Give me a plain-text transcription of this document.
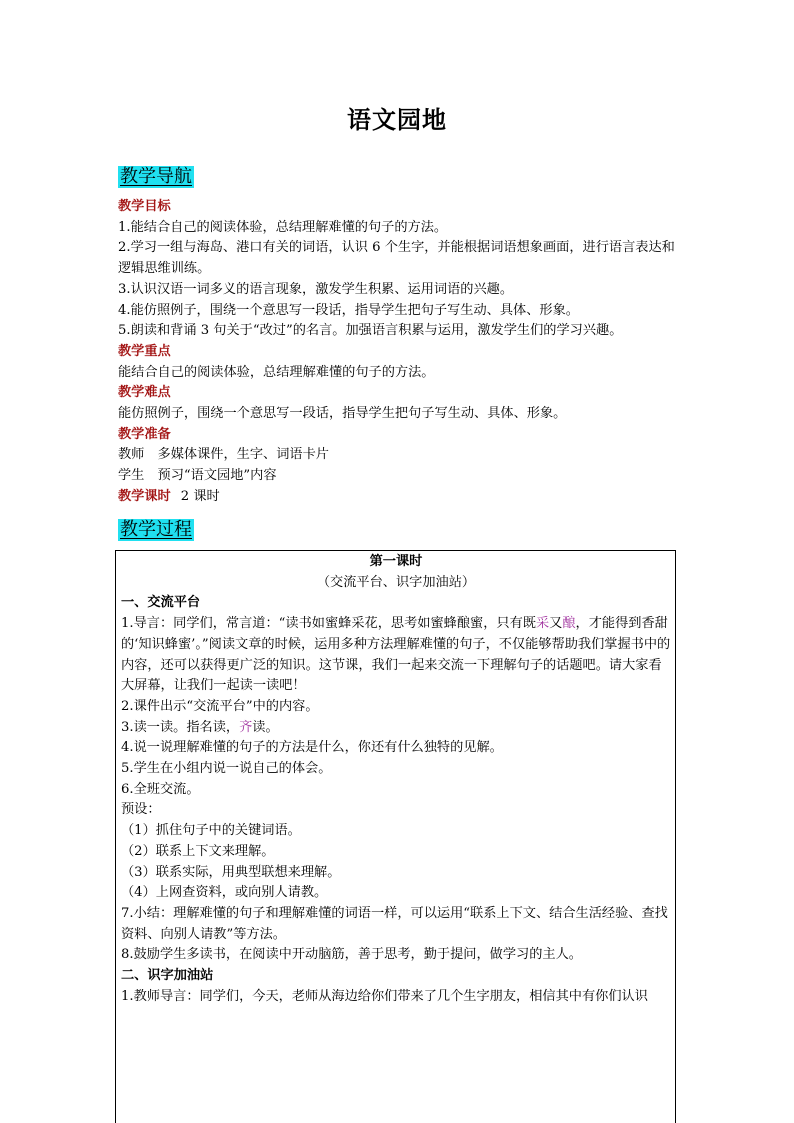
语文园地
教学导航

教学目标

1.能结合自己的阅读体验，总结理解难懂的句子的方法。

2.学习一组与海岛、港口有关的词语，认识 6 个生字，并能根据词语想象画面，进行语言表达和逻辑思维训练。

3.认识汉语一词多义的语言现象，激发学生积累、运用词语的兴趣。

4.能仿照例子，围绕一个意思写一段话，指导学生把句子写生动、具体、形象。

5.朗读和背诵 3 句关于“改过”的名言。加强语言积累与运用，激发学生们的学习兴趣。

教学重点

能结合自己的阅读体验，总结理解难懂的句子的方法。

教学难点

能仿照例子，围绕一个意思写一段话，指导学生把句子写生动、具体、形象。

教学准备

教师　多媒体课件，生字、词语卡片

学生　预习“语文园地”内容

教学课时 2 课时

教学过程

第一课时

（交流平台、识字加油站）

一、交流平台

1.导言：同学们，常言道：“读书如蜜蜂采花，思考如蜜蜂酿蜜，只有既采又酿，才能得到香甜的‘知识蜂蜜’。”阅读文章的时候，运用多种方法理解难懂的句子，不仅能够帮助我们掌握书中的内容，还可以获得更广泛的知识。这节课，我们一起来交流一下理解句子的话题吧。请大家看大屏幕，让我们一起读一读吧！

2.课件出示“交流平台”中的内容。

3.读一读。指名读，齐读。

4.说一说理解难懂的句子的方法是什么，你还有什么独特的见解。

5.学生在小组内说一说自己的体会。

6.全班交流。

预设：

（1）抓住句子中的关键词语。

（2）联系上下文来理解。

（3）联系实际，用典型联想来理解。

（4）上网查资料，或向别人请教。

7.小结：理解难懂的句子和理解难懂的词语一样，可以运用“联系上下文、结合生活经验、查找资料、向别人请教”等方法。

8.鼓励学生多读书，在阅读中开动脑筋，善于思考，勤于提问，做学习的主人。

二、识字加油站

1.教师导言：同学们，今天，老师从海边给你们带来了几个生字朋友，相信其中有你们认识
